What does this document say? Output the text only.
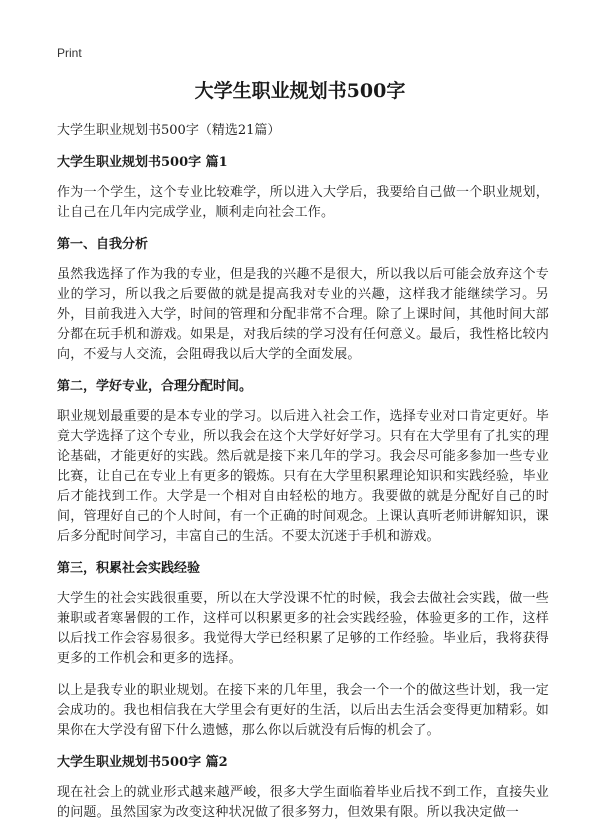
Print
大学生职业规划书500字

大学生职业规划书500字（精选21篇）

大学生职业规划书500字 篇1

作为一个学生，这个专业比较难学，所以进入大学后，我要给自己做一个职业规划，让自己在几年内完成学业，顺利走向社会工作。

第一、自我分析

虽然我选择了作为我的专业，但是我的兴趣不是很大，所以我以后可能会放弃这个专业的学习，所以我之后要做的就是提高我对专业的兴趣，这样我才能继续学习。另外，目前我进入大学，时间的管理和分配非常不合理。除了上课时间，其他时间大部分都在玩手机和游戏。如果是，对我后续的学习没有任何意义。最后，我性格比较内向，不爱与人交流，会阻碍我以后大学的全面发展。

第二，学好专业，合理分配时间。

职业规划最重要的是本专业的学习。以后进入社会工作，选择专业对口肯定更好。毕竟大学选择了这个专业，所以我会在这个大学好好学习。只有在大学里有了扎实的理论基础，才能更好的实践。然后就是接下来几年的学习。我会尽可能多参加一些专业比赛，让自己在专业上有更多的锻炼。只有在大学里积累理论知识和实践经验，毕业后才能找到工作。大学是一个相对自由轻松的地方。我要做的就是分配好自己的时间，管理好自己的个人时间，有一个正确的时间观念。上课认真听老师讲解知识，课后多分配时间学习，丰富自己的生活。不要太沉迷于手机和游戏。

第三，积累社会实践经验

大学生的社会实践很重要，所以在大学没课不忙的时候，我会去做社会实践，做一些兼职或者寒暑假的工作，这样可以积累更多的社会实践经验，体验更多的工作，这样以后找工作会容易很多。我觉得大学已经积累了足够的工作经验。毕业后，我将获得更多的工作机会和更多的选择。

以上是我专业的职业规划。在接下来的几年里，我会一个一个的做这些计划，我一定会成功的。我也相信我在大学里会有更好的生活，以后出去生活会变得更加精彩。如果你在大学没有留下什么遗憾，那么你以后就没有后悔的机会了。

大学生职业规划书500字 篇2

现在社会上的就业形式越来越严峻，很多大学生面临着毕业后找不到工作，直接失业的问题。虽然国家为改变这种状况做了很多努力，但效果有限。所以我决定做一
